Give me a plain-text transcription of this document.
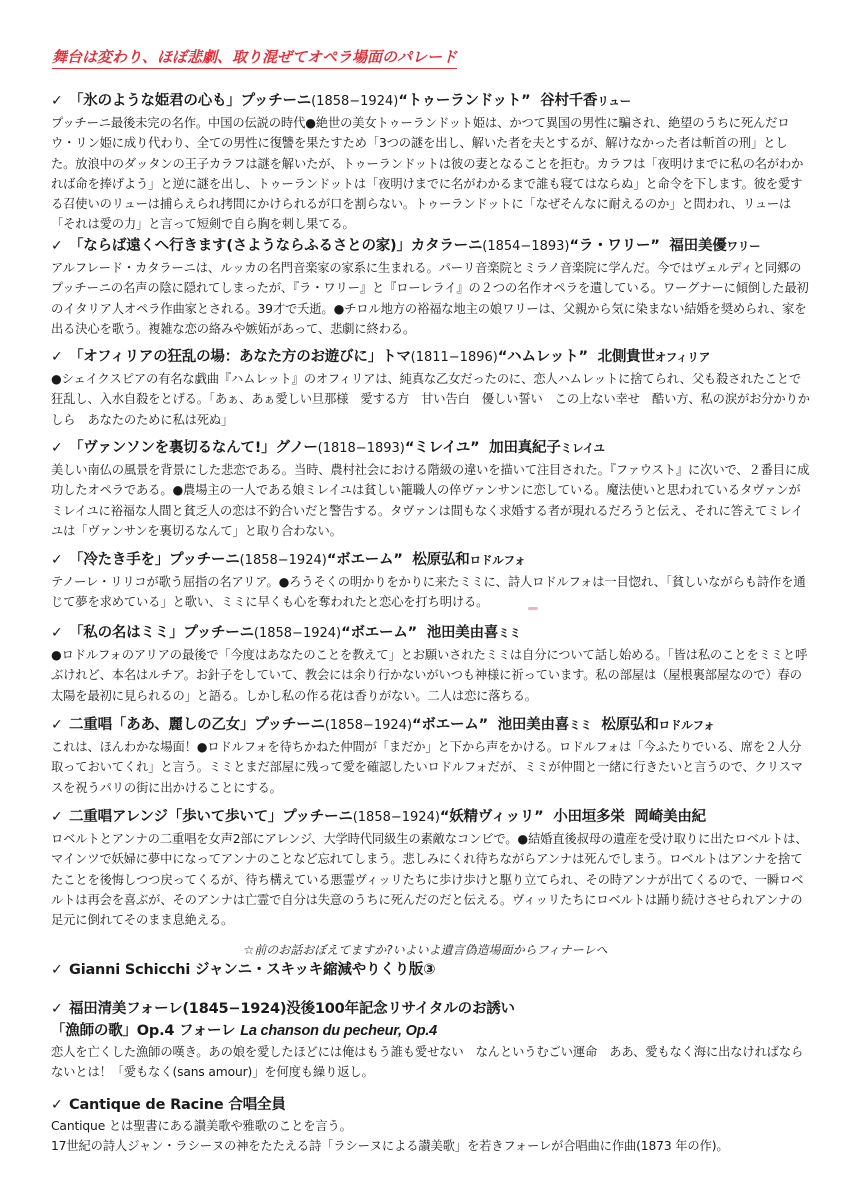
舞台は変わり、ほぼ悲劇、取り混ぜてオペラ場面のパレード
✓ 「氷のような姫君の心も」プッチーニ(1858−1924)“トゥーランドット” 谷村千香リュー

プッチーニ最後未完の名作。中国の伝説の時代●絶世の美女トゥーランドット姫は、かつて異国の男性に騙され、絶望のうちに死んだロウ・リン姫に成り代わり、全ての男性に復讐を果たすため「3つの謎を出し、解いた者を夫とするが、解けなかった者は斬首の刑」とした。放浪中のダッタンの王子カラフは謎を解いたが、トゥーランドットは彼の妻となることを拒む。カラフは「夜明けまでに私の名がわかれば命を捧げよう」と逆に謎を出し、トゥーランドットは「夜明けまでに名がわかるまで誰も寝てはならぬ」と命令を下します。彼を愛する召使いのリューは捕らえられ拷問にかけられるが口を割らない。トゥーランドットに「なぜそんなに耐えるのか」と問われ、リューは「それは愛の力」と言って短剣で自ら胸を刺し果てる。

✓ 「ならば遠くへ行きます(さようならふるさとの家)」カタラーニ(1854−1893)“ラ・ワリー” 福田美優ワリー

アルフレード・カタラーニは、ルッカの名門音楽家の家系に生まれる。パーリ音楽院とミラノ音楽院に学んだ。今ではヴェルディと同郷のプッチーニの名声の陰に隠れてしまったが、『ラ・ワリー』と『ローレライ』の２つの名作オペラを遺している。ワーグナーに傾倒した最初のイタリア人オペラ作曲家とされる。39才で夭逝。●チロル地方の裕福な地主の娘ワリーは、父親から気に染まない結婚を奨められ、家を出る決心を歌う。複雑な恋の絡みや嫉妬があって、悲劇に終わる。

✓ 「オフィリアの狂乱の場：あなた方のお遊びに」トマ(1811−1896)“ハムレット” 北側貴世オフィリア

●シェイクスピアの有名な戯曲『ハムレット』のオフィリアは、純真な乙女だったのに、恋人ハムレットに捨てられ、父も殺されたことで狂乱し、入水自殺をとげる。「あぁ、あぁ愛しい旦那様　愛する方　甘い告白　優しい誓い　この上ない幸せ　酷い方、私の涙がお分かりかしら　あなたのために私は死ぬ」

✓ 「ヴァンソンを裏切るなんて!」グノー(1818−1893)“ミレイユ” 加田真紀子ミレイユ

美しい南仏の風景を背景にした悲恋である。当時、農村社会における階級の違いを描いて注目された。『ファウスト』に次いで、２番目に成功したオペラである。●農場主の一人である娘ミレイユは貧しい籠職人の倅ヴァンサンに恋している。魔法使いと思われているタヴァンがミレイユに裕福な人間と貧乏人の恋は不釣合いだと警告する。タヴァンは間もなく求婚する者が現れるだろうと伝え、それに答えてミレイユは「ヴァンサンを裏切るなんて」と取り合わない。

✓ 「冷たき手を」プッチーニ(1858−1924)“ボエーム” 松原弘和ロドルフォ

テノーレ・リリコが歌う屈指の名アリア。●ろうそくの明かりをかりに来たミミに、詩人ロドルフォは一目惚れ、「貧しいながらも詩作を通じて夢を求めている」と歌い、ミミに早くも心を奪われたと恋心を打ち明ける。

✓ 「私の名はミミ」プッチーニ(1858−1924)“ボエーム” 池田美由喜ミミ

●ロドルフォのアリアの最後で「今度はあなたのことを教えて」とお願いされたミミは自分について話し始める。「皆は私のことをミミと呼ぶけれど、本名はルチア。お針子をしていて、教会には余り行かないがいつも神様に祈っています。私の部屋は（屋根裏部屋なので）春の太陽を最初に見られるの」と語る。しかし私の作る花は香りがない。二人は恋に落ちる。

✓ 二重唱「ああ、麗しの乙女」プッチーニ(1858−1924)“ボエーム” 池田美由喜ミミ 松原弘和ロドルフォ

これは、ほんわかな場面！●ロドルフォを待ちかねた仲間が「まだか」と下から声をかける。ロドルフォは「今ふたりでいる、席を２人分取っておいてくれ」と言う。ミミとまだ部屋に残って愛を確認したいロドルフォだが、ミミが仲間と一緒に行きたいと言うので、クリスマスを祝うパリの街に出かけることにする。

✓ 二重唱アレンジ「歩いて歩いて」プッチーニ(1858−1924)“妖精ヴィッリ” 小田垣多栄 岡崎美由紀

ロベルトとアンナの二重唱を女声2部にアレンジ、大学時代同級生の素敵なコンビで。●結婚直後叔母の遺産を受け取りに出たロベルトは、マインツで妖婦に夢中になってアンナのことなど忘れてしまう。悲しみにくれ待ちながらアンナは死んでしまう。ロベルトはアンナを捨てたことを後悔しつつ戻ってくるが、待ち構えている悪霊ヴィッリたちに歩け歩けと駆り立てられ、その時アンナが出てくるので、一瞬ロベルトは再会を喜ぶが、そのアンナは亡霊で自分は失意のうちに死んだのだと伝える。ヴィッリたちにロベルトは踊り続けさせられアンナの足元に倒れてそのまま息絶える。

☆前のお話おぼえてますか?いよいよ遺言偽造場面からフィナーレへ
✓ Gianni Schicchi ジャンニ・スキッキ縮減やりくり版③
✓ 福田清美フォーレ(1845−1924)没後100年記念リサイタルのお誘い
「漁師の歌」Op.4 フォーレ La chanson du pecheur, Op.4

恋人を亡くした漁師の嘆き。あの娘を愛したほどには俺はもう誰も愛せない　なんというむごい運命　ああ、愛もなく海に出なければならないとは！「愛もなく(sans amour)」を何度も繰り返し。

✓ Cantique de Racine 合唱全員

Cantique とは聖書にある讃美歌や雅歌のことを言う。

17世紀の詩人ジャン・ラシーヌの神をたたえる詩「ラシーヌによる讃美歌」を若きフォーレが合唱曲に作曲(1873 年の作)。
